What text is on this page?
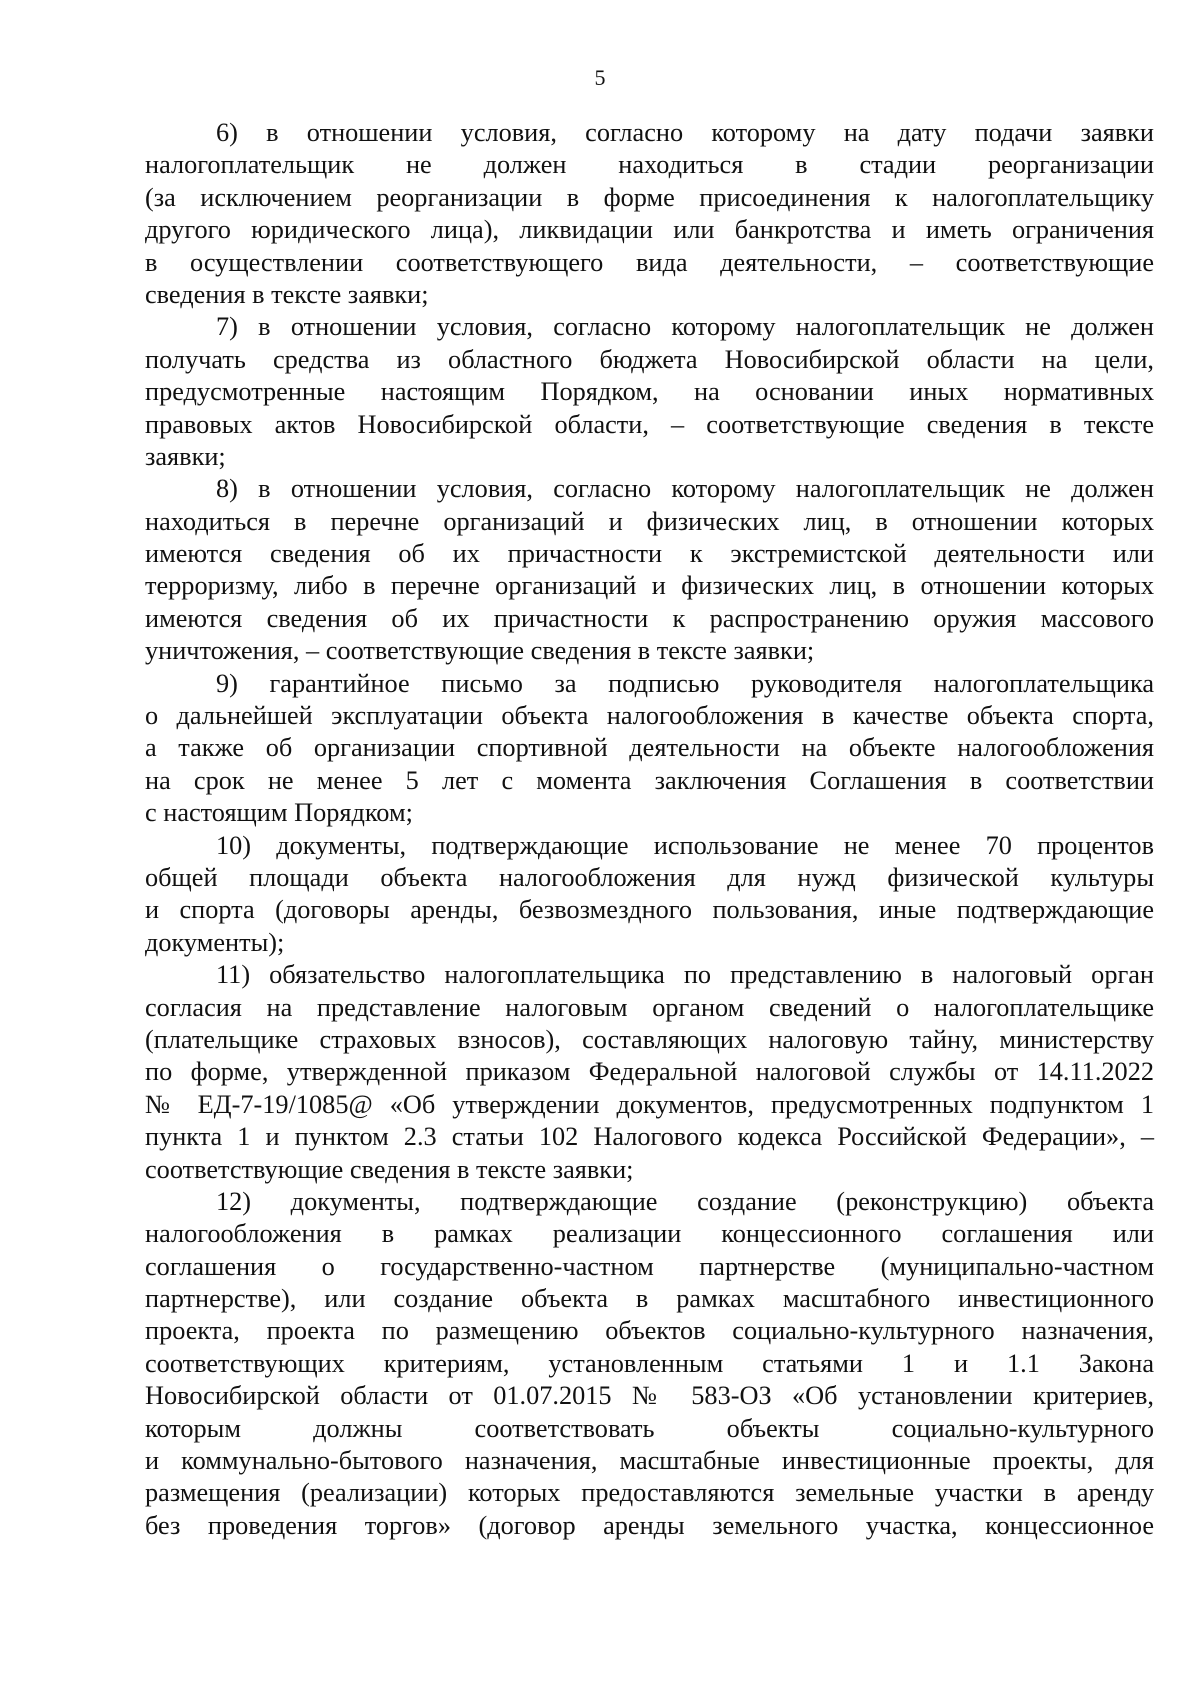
5
6) в отношении условия, согласно которому на дату подачи заявки
налогоплательщик не должен находиться в стадии реорганизации
(за исключением реорганизации в форме присоединения к налогоплательщику
другого юридического лица), ликвидации или банкротства и иметь ограничения
в осуществлении соответствующего вида деятельности, – соответствующие
сведения в тексте заявки;
7) в отношении условия, согласно которому налогоплательщик не должен
получать средства из областного бюджета Новосибирской области на цели,
предусмотренные настоящим Порядком, на основании иных нормативных
правовых актов Новосибирской области, – соответствующие сведения в тексте
заявки;
8) в отношении условия, согласно которому налогоплательщик не должен
находиться в перечне организаций и физических лиц, в отношении которых
имеются сведения об их причастности к экстремистской деятельности или
терроризму, либо в перечне организаций и физических лиц, в отношении которых
имеются сведения об их причастности к распространению оружия массового
уничтожения, – соответствующие сведения в тексте заявки;
9) гарантийное письмо за подписью руководителя налогоплательщика
о дальнейшей эксплуатации объекта налогообложения в качестве объекта спорта,
а также об организации спортивной деятельности на объекте налогообложения
на срок не менее 5 лет с момента заключения Соглашения в соответствии
с настоящим Порядком;
10) документы, подтверждающие использование не менее 70 процентов
общей площади объекта налогообложения для нужд физической культуры
и спорта (договоры аренды, безвозмездного пользования, иные подтверждающие
документы);
11) обязательство налогоплательщика по представлению в налоговый орган
согласия на представление налоговым органом сведений о налогоплательщике
(плательщике страховых взносов), составляющих налоговую тайну, министерству
по форме, утвержденной приказом Федеральной налоговой службы от 14.11.2022
№ ЕД-7-19/1085@ «Об утверждении документов, предусмотренных подпунктом 1
пункта 1 и пунктом 2.3 статьи 102 Налогового кодекса Российской Федерации», –
соответствующие сведения в тексте заявки;
12) документы, подтверждающие создание (реконструкцию) объекта
налогообложения в рамках реализации концессионного соглашения или
соглашения о государственно-частном партнерстве (муниципально-частном
партнерстве), или создание объекта в рамках масштабного инвестиционного
проекта, проекта по размещению объектов социально-культурного назначения,
соответствующих критериям, установленным статьями 1 и 1.1 Закона
Новосибирской области от 01.07.2015 № 583-ОЗ «Об установлении критериев,
которым должны соответствовать объекты социально-культурного
и коммунально-бытового назначения, масштабные инвестиционные проекты, для
размещения (реализации) которых предоставляются земельные участки в аренду
без проведения торгов» (договор аренды земельного участка, концессионное
